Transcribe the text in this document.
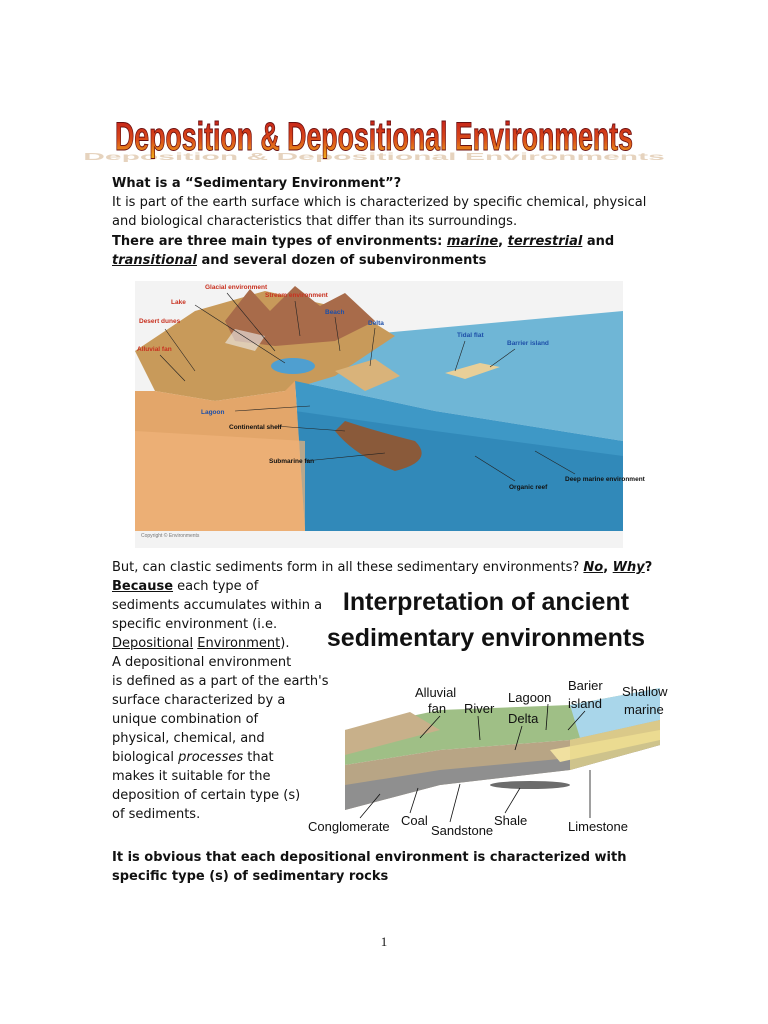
Deposition & Depositional Environments
Deposition & Depositional Environments
What is a “Sedimentary Environment”?
It is part of the earth surface which is characterized by specific chemical, physical and biological characteristics that differ than its surroundings.
There are three main types of environments: marine, terrestrial and
transitional and several dozen of subenvironments
Copyright © Environments
Glacial environment
Lake
Stream environment
Beach
Delta
Desert dunes
Alluvial fan
Tidal flat
Barrier island
Lagoon
Continental shelf
Submarine fan
Organic reef
Deep marine environment
But, can clastic sediments form in all these sedimentary environments? No, Why?
Because each type of
sediments accumulates within a
specific environment (i.e.
Depositional Environment).
A depositional environment
is defined as a part of the earth's
surface characterized by a
unique combination of
physical, chemical, and
biological processes that
makes it suitable for the
deposition of certain type (s)
of sediments.
Interpretation of ancient
sedimentary environments
Alluvial
fan River
Lagoon
Delta
Barier
island
Shallow
marine
Conglomerate Coal
Sandstone
Shale	Limestone
It is obvious that each depositional environment is characterized with specific type (s) of sedimentary rocks
1
